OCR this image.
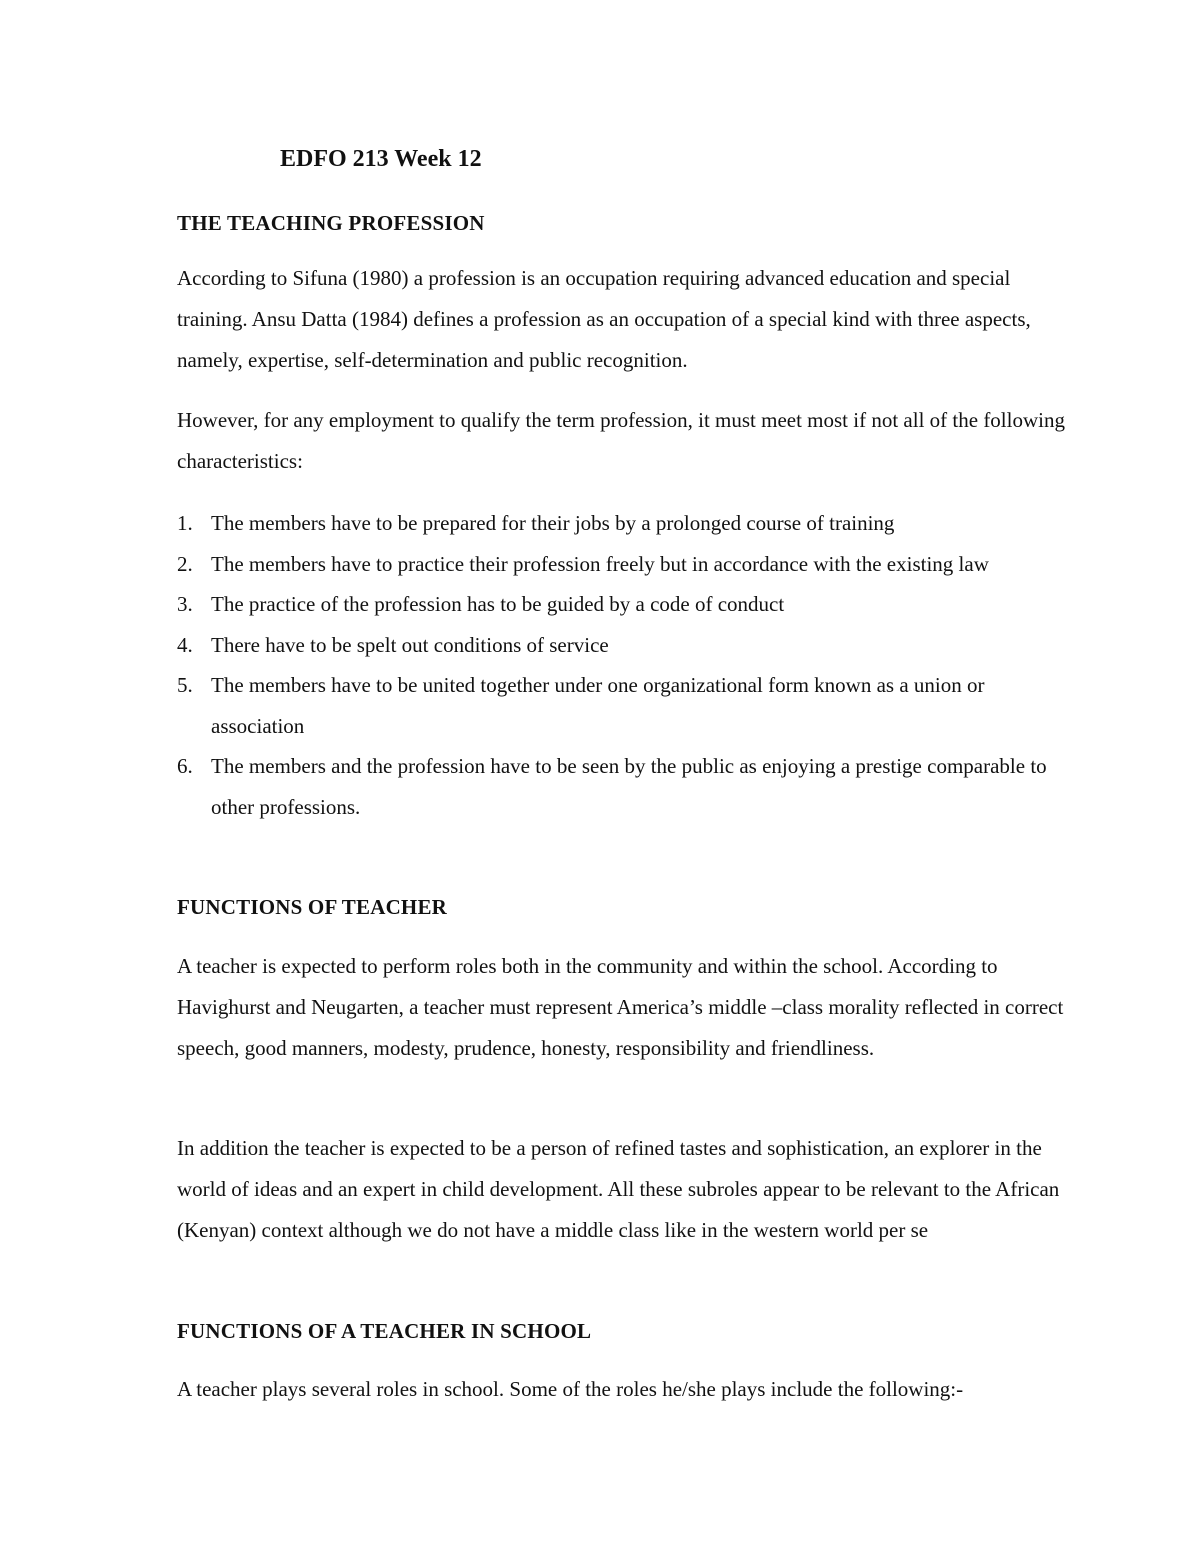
EDFO 213 Week 12
THE TEACHING PROFESSION

According to Sifuna (1980) a profession is an occupation requiring advanced education and special training. Ansu Datta (1984) defines a profession as an occupation of a special kind with three aspects, namely, expertise, self-determination and public recognition.

However, for any employment to qualify the term profession, it must meet most if not all of the following characteristics:

1. The members have to be prepared for their jobs by a prolonged course of training
2. The members have to practice their profession freely but in accordance with the existing law
3. The practice of the profession has to be guided by a code of conduct
4. There have to be spelt out conditions of service
5. The members have to be united together under one organizational form known as a union or association
6. The members and the profession have to be seen by the public as enjoying a prestige comparable to other professions.
FUNCTIONS OF TEACHER

A teacher is expected to perform roles both in the community and within the school. According to Havighurst and Neugarten, a teacher must represent America’s middle –class morality reflected in correct speech, good manners, modesty, prudence, honesty, responsibility and friendliness.

In addition the teacher is expected to be a person of refined tastes and sophistication, an explorer in the world of ideas and an expert in child development. All these subroles appear to be relevant to the African (Kenyan) context although we do not have a middle class like in the western world per se

FUNCTIONS OF A TEACHER IN SCHOOL

A teacher plays several roles in school. Some of the roles he/she plays include the following:-
